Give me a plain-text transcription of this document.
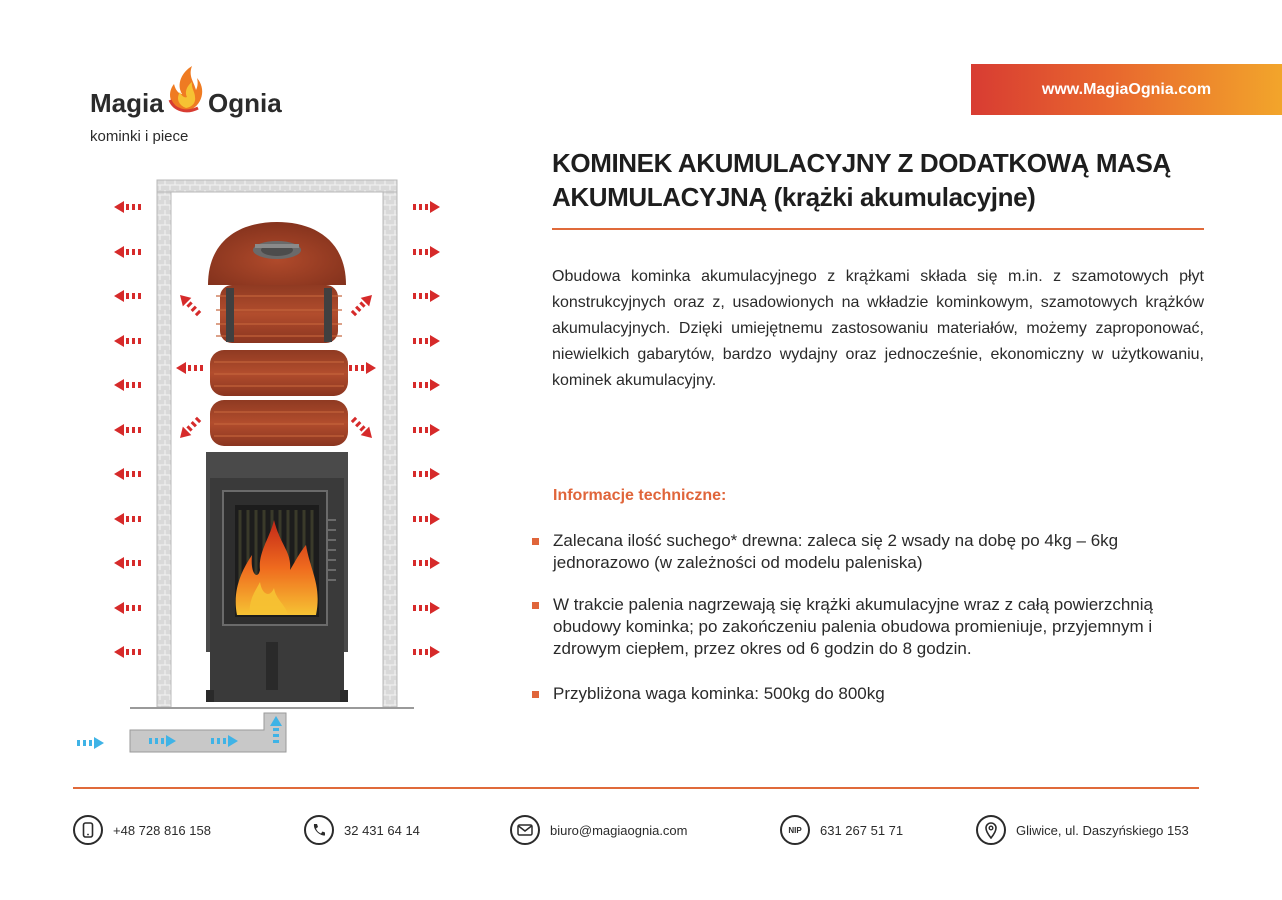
Magia Ognia
kominki i piece
www.MagiaOgnia.com
KOMINEK AKUMULACYJNY Z DODATKOWĄ MASĄ AKUMULACYJNĄ (krążki akumulacyjne)

Obudowa kominka akumulacyjnego z krążkami składa się m.in. z szamotowych płyt konstrukcyjnych oraz z, usadowionych na wkładzie kominkowym, szamotowych krążków akumulacyjnych. Dzięki umiejętnemu zastosowaniu materiałów, możemy zaproponować, niewielkich gabarytów, bardzo wydajny oraz jednocześnie, ekonomiczny w użytkowaniu, kominek akumulacyjny.

Informacje techniczne:
Zalecana ilość suchego* drewna: zaleca się 2 wsady na dobę po 4kg – 6kg jednorazowo (w zależności od modelu paleniska)
W trakcie palenia nagrzewają się krążki akumulacyjne wraz z całą powierzchnią obudowy kominka; po zakończeniu palenia obudowa promieniuje, przyjemnym i zdrowym ciepłem, przez okres od 6 godzin do 8 godzin.
Przybliżona waga kominka: 500kg do 800kg
+48 728 816 158	32 431 64 14	biuro@magiaognia.com	NIP 631 267 51 71	Gliwice, ul. Daszyńskiego 153
